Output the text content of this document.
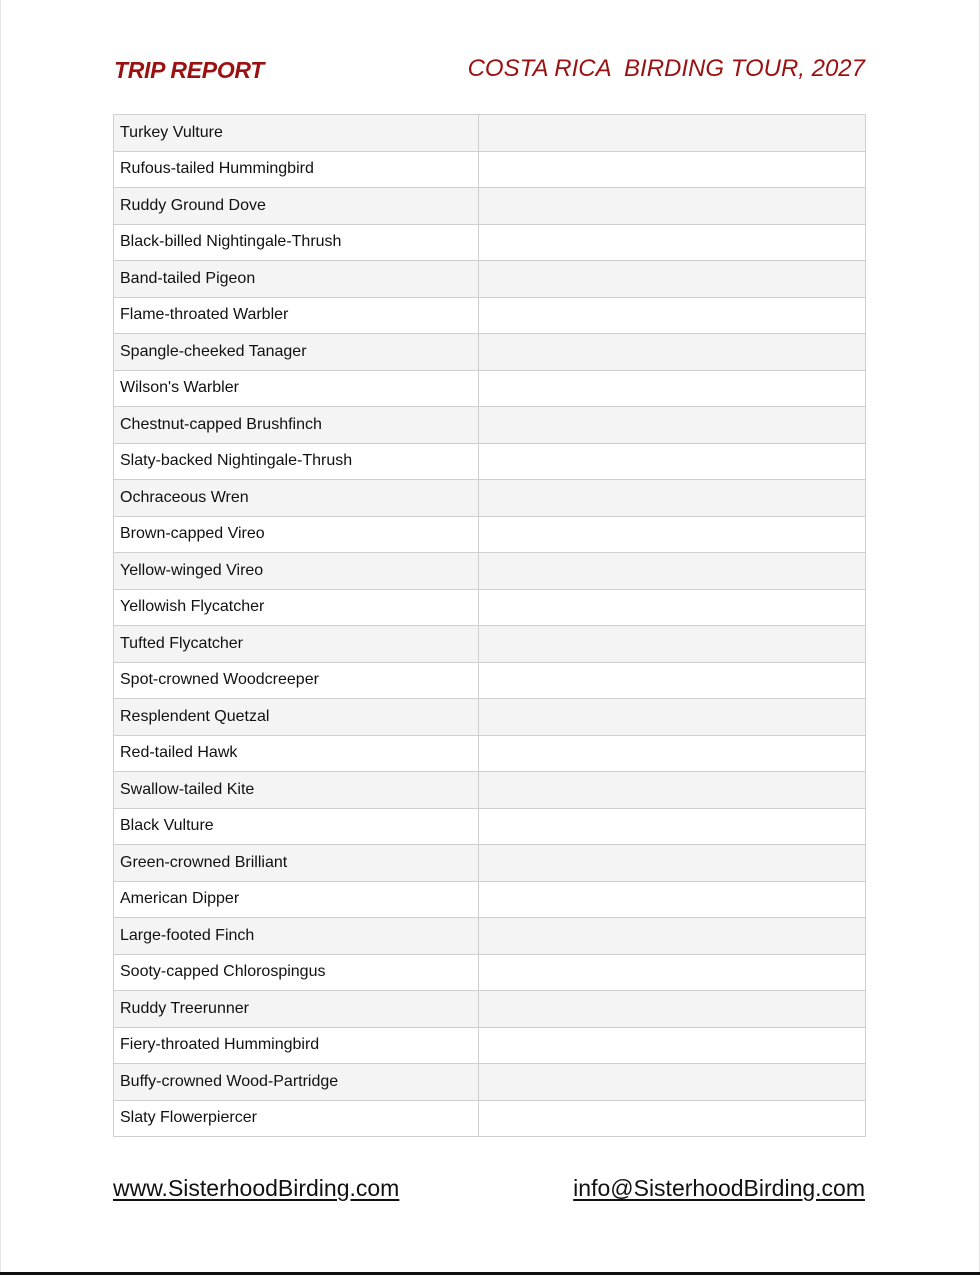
TRIP REPORT	COSTA RICA  BIRDING TOUR, 2027
Turkey Vulture	
Rufous-tailed Hummingbird	
Ruddy Ground Dove	
Black-billed Nightingale-Thrush	
Band-tailed Pigeon	
Flame-throated Warbler	
Spangle-cheeked Tanager	
Wilson's Warbler	
Chestnut-capped Brushfinch	
Slaty-backed Nightingale-Thrush	
Ochraceous Wren	
Brown-capped Vireo	
Yellow-winged Vireo	
Yellowish Flycatcher	
Tufted Flycatcher	
Spot-crowned Woodcreeper	
Resplendent Quetzal	
Red-tailed Hawk	
Swallow-tailed Kite	
Black Vulture	
Green-crowned Brilliant	
American Dipper	
Large-footed Finch	
Sooty-capped Chlorospingus	
Ruddy Treerunner	
Fiery-throated Hummingbird	
Buffy-crowned Wood-Partridge	
Slaty Flowerpiercer	
www.SisterhoodBirding.com	info@SisterhoodBirding.com
